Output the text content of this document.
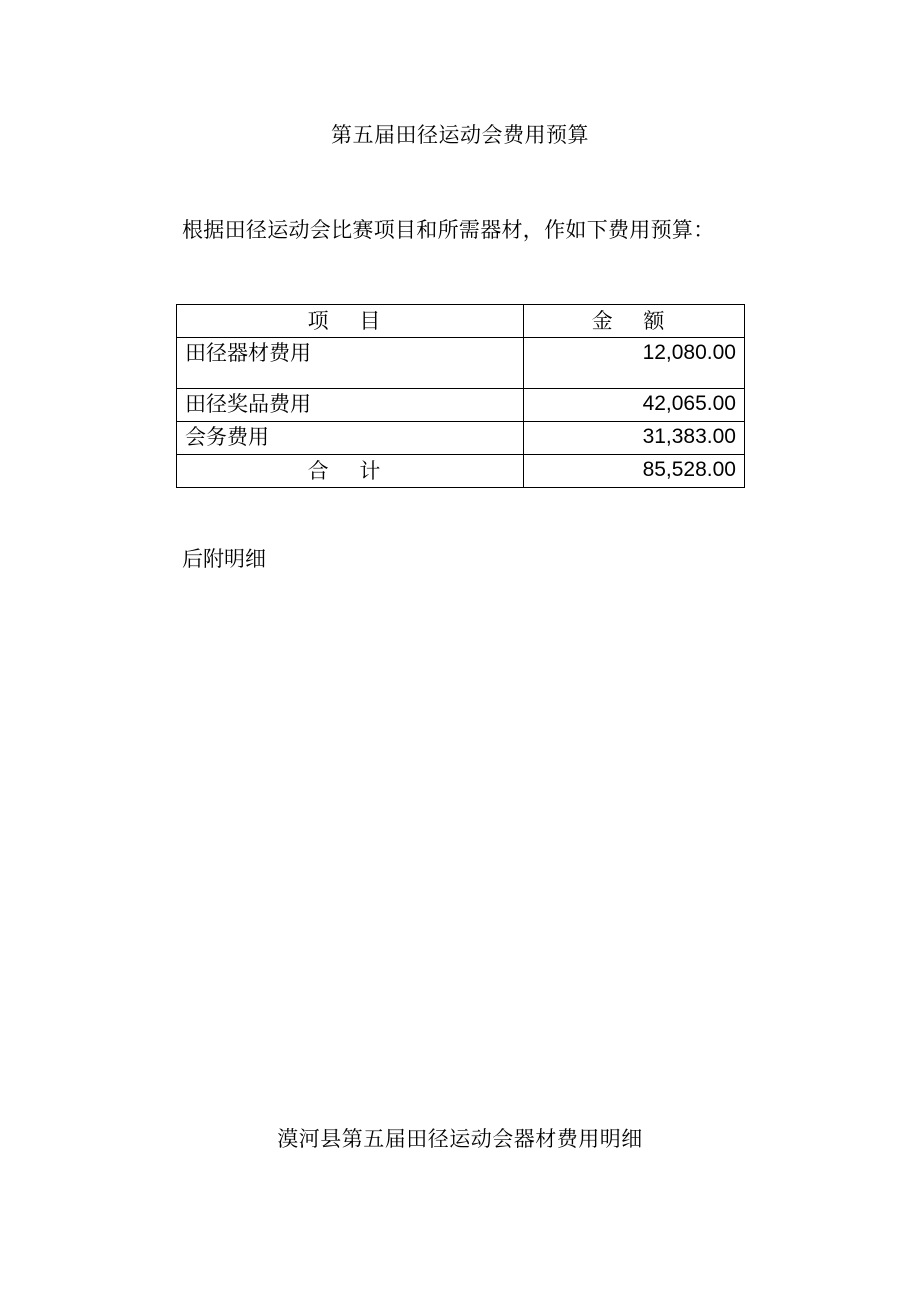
第五届田径运动会费用预算
根据田径运动会比赛项目和所需器材，作如下费用预算：
项 目	金 额
田径器材费用	12,080.00
田径奖品费用	42,065.00
会务费用	31,383.00
合 计	85,528.00
后附明细
漠河县第五届田径运动会器材费用明细
